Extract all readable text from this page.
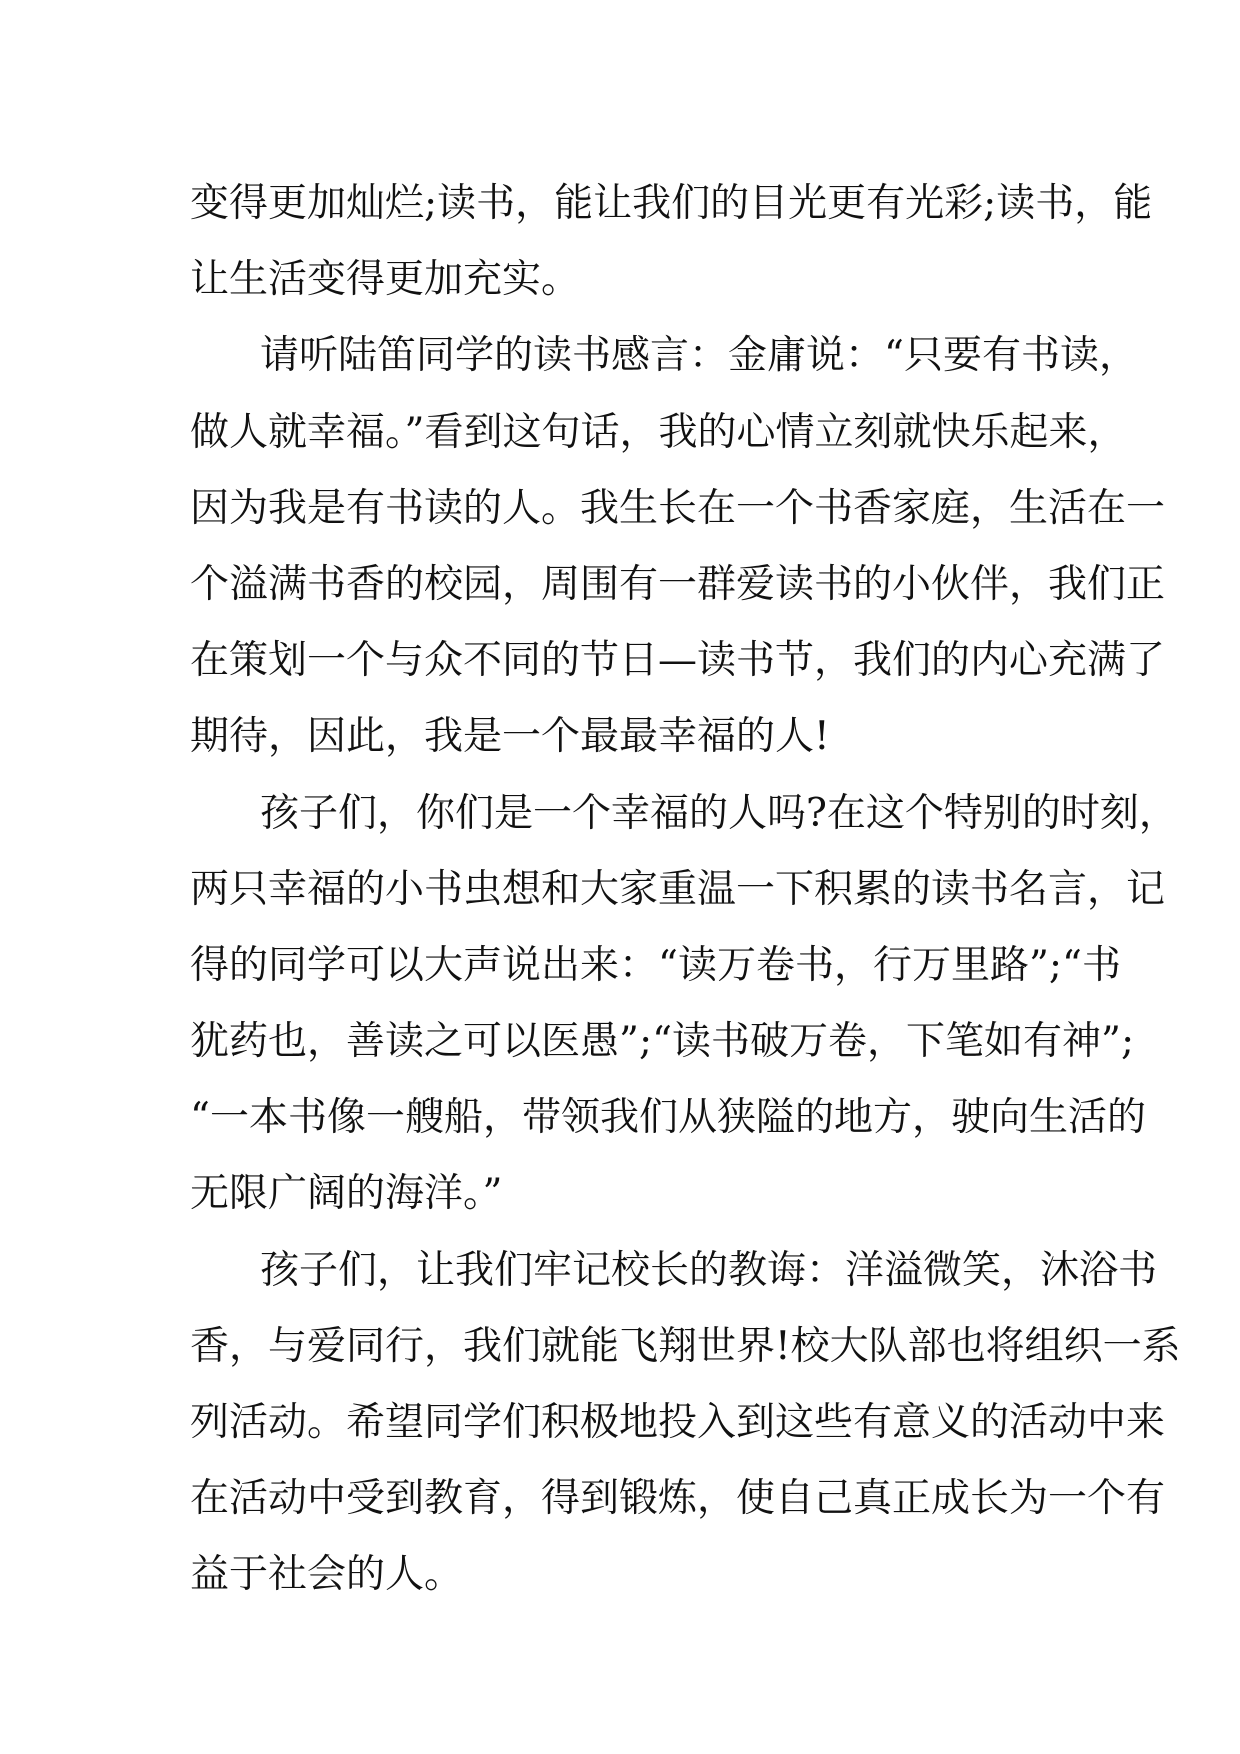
变得更加灿烂;读书，能让我们的目光更有光彩;读书，能
让生活变得更加充实。
请听陆笛同学的读书感言：金庸说：“只要有书读，
做人就幸福。”看到这句话，我的心情立刻就快乐起来，
因为我是有书读的人。我生长在一个书香家庭，生活在一
个溢满书香的校园，周围有一群爱读书的小伙伴，我们正
在策划一个与众不同的节日—读书节，我们的内心充满了
期待，因此，我是一个最最幸福的人!
孩子们，你们是一个幸福的人吗?在这个特别的时刻，
两只幸福的小书虫想和大家重温一下积累的读书名言，记
得的同学可以大声说出来：“读万卷书，行万里路”;“书
犹药也，善读之可以医愚”;“读书破万卷，下笔如有神”;
“一本书像一艘船，带领我们从狭隘的地方，驶向生活的
无限广阔的海洋。”
孩子们，让我们牢记校长的教诲：洋溢微笑，沐浴书
香，与爱同行，我们就能飞翔世界!校大队部也将组织一系
列活动。希望同学们积极地投入到这些有意义的活动中来
在活动中受到教育，得到锻炼，使自己真正成长为一个有
益于社会的人。
